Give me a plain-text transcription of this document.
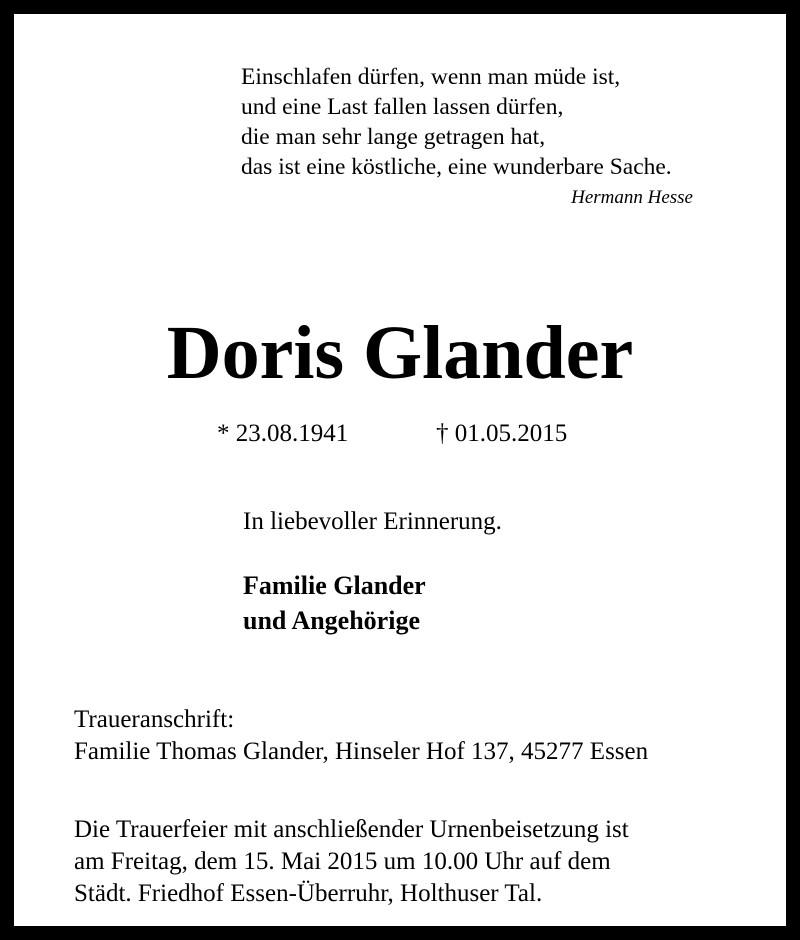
Einschlafen dürfen, wenn man müde ist,
und eine Last fallen lassen dürfen,
die man sehr lange getragen hat,
das ist eine köstliche, eine wunderbare Sache.
Hermann Hesse
Doris Glander
* 23.08.1941	† 01.05.2015
In liebevoller Erinnerung.
Familie Glander
und Angehörige
Traueranschrift:
Familie Thomas Glander, Hinseler Hof 137, 45277 Essen
Die Trauerfeier mit anschließender Urnenbeisetzung ist
am Freitag, dem 15. Mai 2015 um 10.00 Uhr auf dem
Städt. Friedhof Essen-Überruhr, Holthuser Tal.
